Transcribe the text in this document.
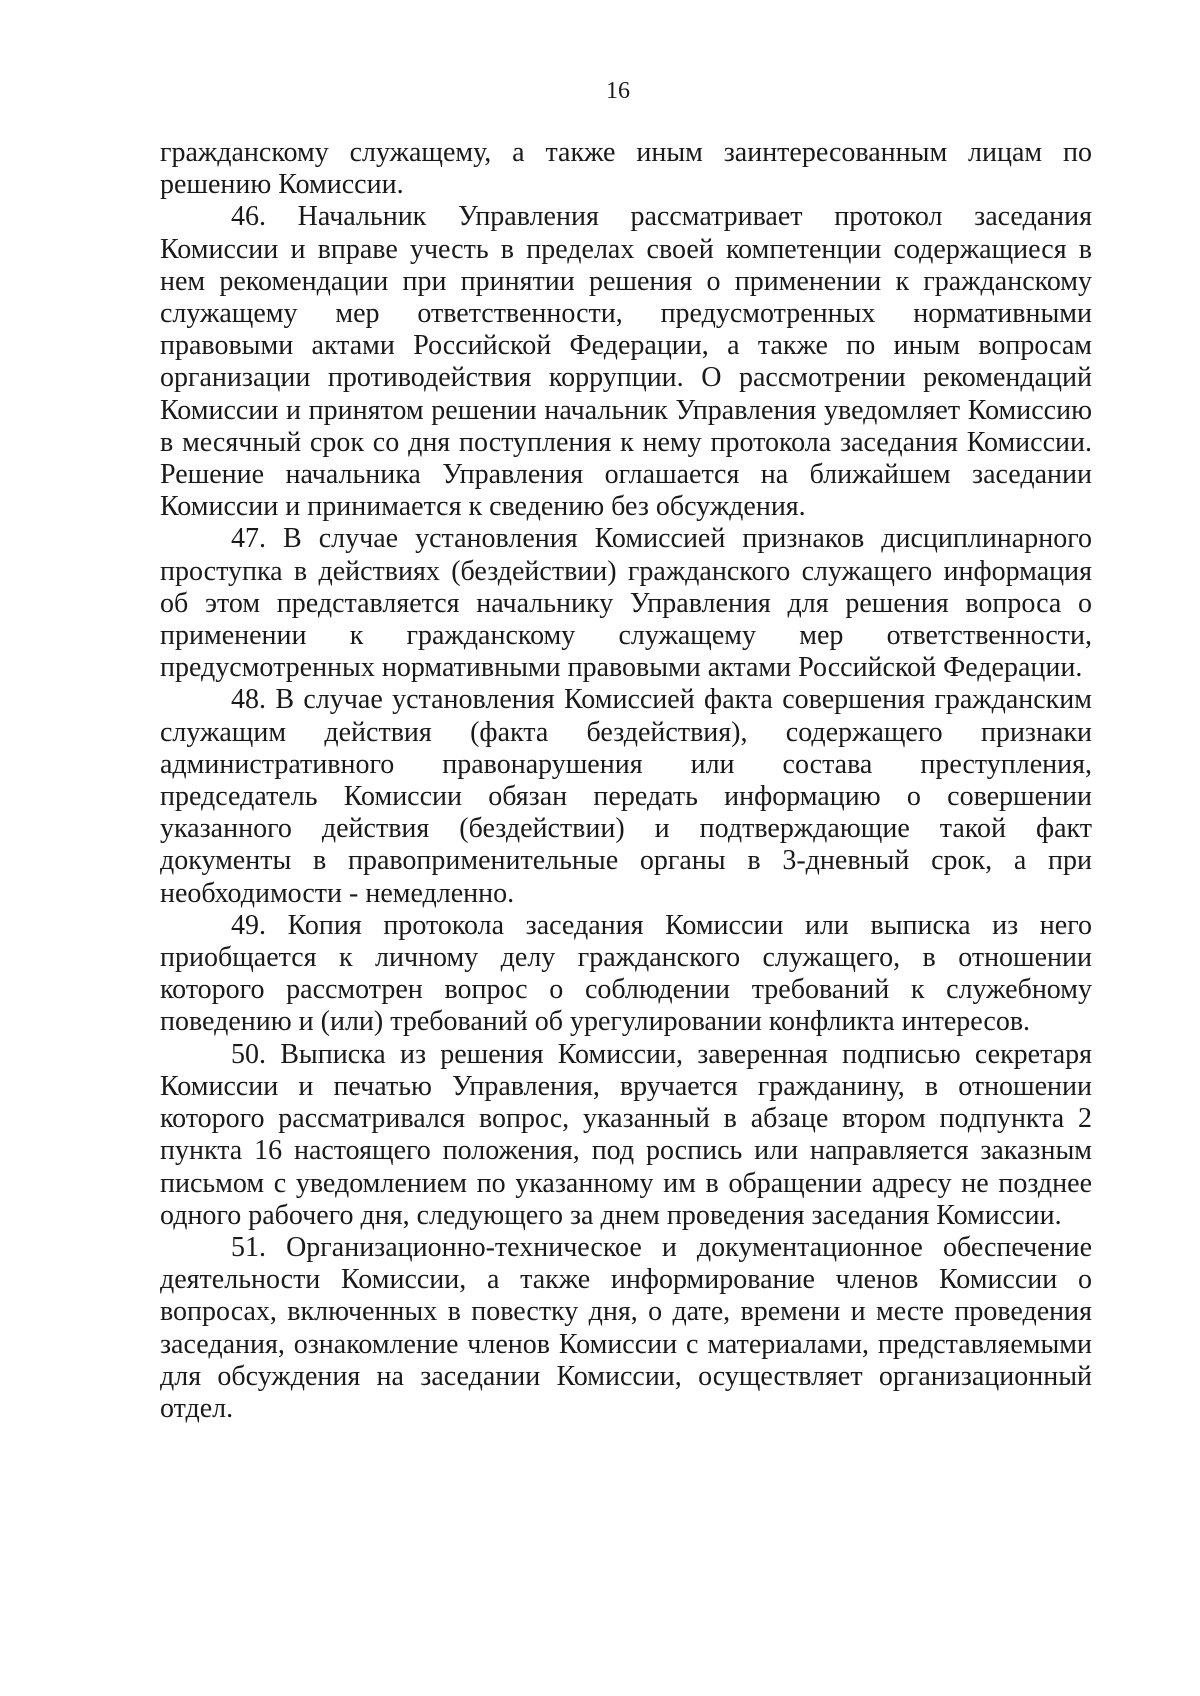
16

гражданскому служащему, а также иным заинтересованным лицам по решению Комиссии.

46. Начальник Управления рассматривает протокол заседания Комиссии и вправе учесть в пределах своей компетенции содержащиеся в нем рекомендации при принятии решения о применении к гражданскому служащему мер ответственности, предусмотренных нормативными правовыми актами Российской Федерации, а также по иным вопросам организации противодействия коррупции. О рассмотрении рекомендаций Комиссии и принятом решении начальник Управления уведомляет Комиссию в месячный срок со дня поступления к нему протокола заседания Комиссии. Решение начальника Управления оглашается на ближайшем заседании Комиссии и принимается к сведению без обсуждения.

47. В случае установления Комиссией признаков дисциплинарного проступка в действиях (бездействии) гражданского служащего информация об этом представляется начальнику Управления для решения вопроса о применении к гражданскому служащему мер ответственности, предусмотренных нормативными правовыми актами Российской Федерации.

48. В случае установления Комиссией факта совершения гражданским служащим действия (факта бездействия), содержащего признаки административного правонарушения или состава преступления, председатель Комиссии обязан передать информацию о совершении указанного действия (бездействии) и подтверждающие такой факт документы в правоприменительные органы в 3-дневный срок, а при необходимости - немедленно.

49. Копия протокола заседания Комиссии или выписка из него приобщается к личному делу гражданского служащего, в отношении которого рассмотрен вопрос о соблюдении требований к служебному поведению и (или) требований об урегулировании конфликта интересов.

50. Выписка из решения Комиссии, заверенная подписью секретаря Комиссии и печатью Управления, вручается гражданину, в отношении которого рассматривался вопрос, указанный в абзаце втором подпункта 2 пункта 16 настоящего положения, под роспись или направляется заказным письмом с уведомлением по указанному им в обращении адресу не позднее одного рабочего дня, следующего за днем проведения заседания Комиссии.

51. Организационно-техническое и документационное обеспечение деятельности Комиссии, а также информирование членов Комиссии о вопросах, включенных в повестку дня, о дате, времени и месте проведения заседания, ознакомление членов Комиссии с материалами, представляемыми для обсуждения на заседании Комиссии, осуществляет организационный отдел.
